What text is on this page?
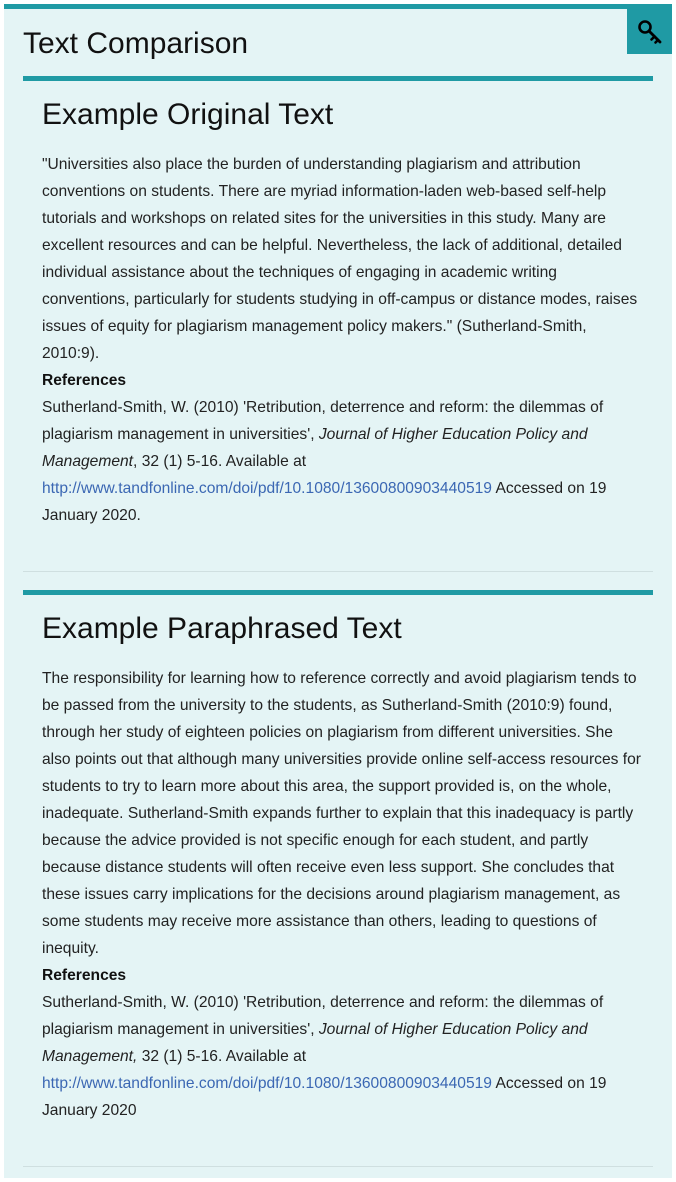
Text Comparison
Example Original Text

"Universities also place the burden of understanding plagiarism and attribution conventions on students. There are myriad information-laden web-based self-help tutorials and workshops on related sites for the universities in this study. Many are excellent resources and can be helpful. Nevertheless, the lack of additional, detailed individual assistance about the techniques of engaging in academic writing conventions, particularly for students studying in off-campus or distance modes, raises issues of equity for plagiarism management policy makers." (Sutherland-Smith, 2010:9).

References

Sutherland-Smith, W. (2010) 'Retribution, deterrence and reform: the dilemmas of plagiarism management in universities', Journal of Higher Education Policy and Management, 32 (1) 5-16. Available at http://www.tandfonline.com/doi/pdf/10.1080/13600800903440519 Accessed on 19 January 2020.

Example Paraphrased Text

The responsibility for learning how to reference correctly and avoid plagiarism tends to be passed from the university to the students, as Sutherland-Smith (2010:9) found, through her study of eighteen policies on plagiarism from different universities. She also points out that although many universities provide online self-access resources for students to try to learn more about this area, the support provided is, on the whole, inadequate. Sutherland-Smith expands further to explain that this inadequacy is partly because the advice provided is not specific enough for each student, and partly because distance students will often receive even less support. She concludes that these issues carry implications for the decisions around plagiarism management, as some students may receive more assistance than others, leading to questions of inequity.

References

Sutherland-Smith, W. (2010) 'Retribution, deterrence and reform: the dilemmas of plagiarism management in universities', Journal of Higher Education Policy and Management, 32 (1) 5-16. Available at http://www.tandfonline.com/doi/pdf/10.1080/13600800903440519 Accessed on 19 January 2020
